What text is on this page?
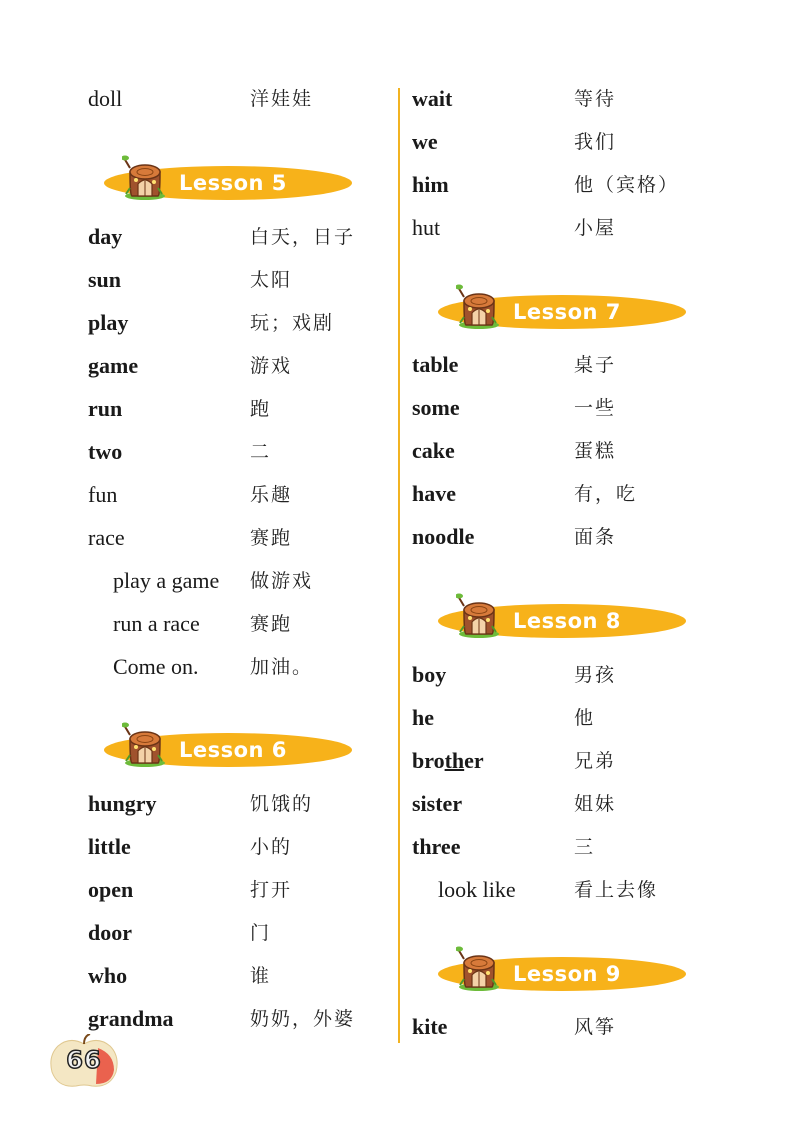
doll	洋娃娃
Lesson 5
day	白天，日子
sun	太阳
play	玩；戏剧
game	游戏
run	跑
two	二
fun	乐趣
race	赛跑
play a game 做游戏
run a race	赛跑
Come on.	加油。
Lesson 6
hungry	饥饿的
little	小的
open	打开
door	门
who	谁
grandma	奶奶，外婆
wait	等待
we	我们
him	他（宾格）
hut	小屋
Lesson 7
table	桌子
some	一些
cake	蛋糕
have	有，吃
noodle	面条
Lesson 8
boy	男孩
he	他
brother	兄弟
sister	姐妹
three	三
look like	看上去像
Lesson 9
kite	风筝
66
